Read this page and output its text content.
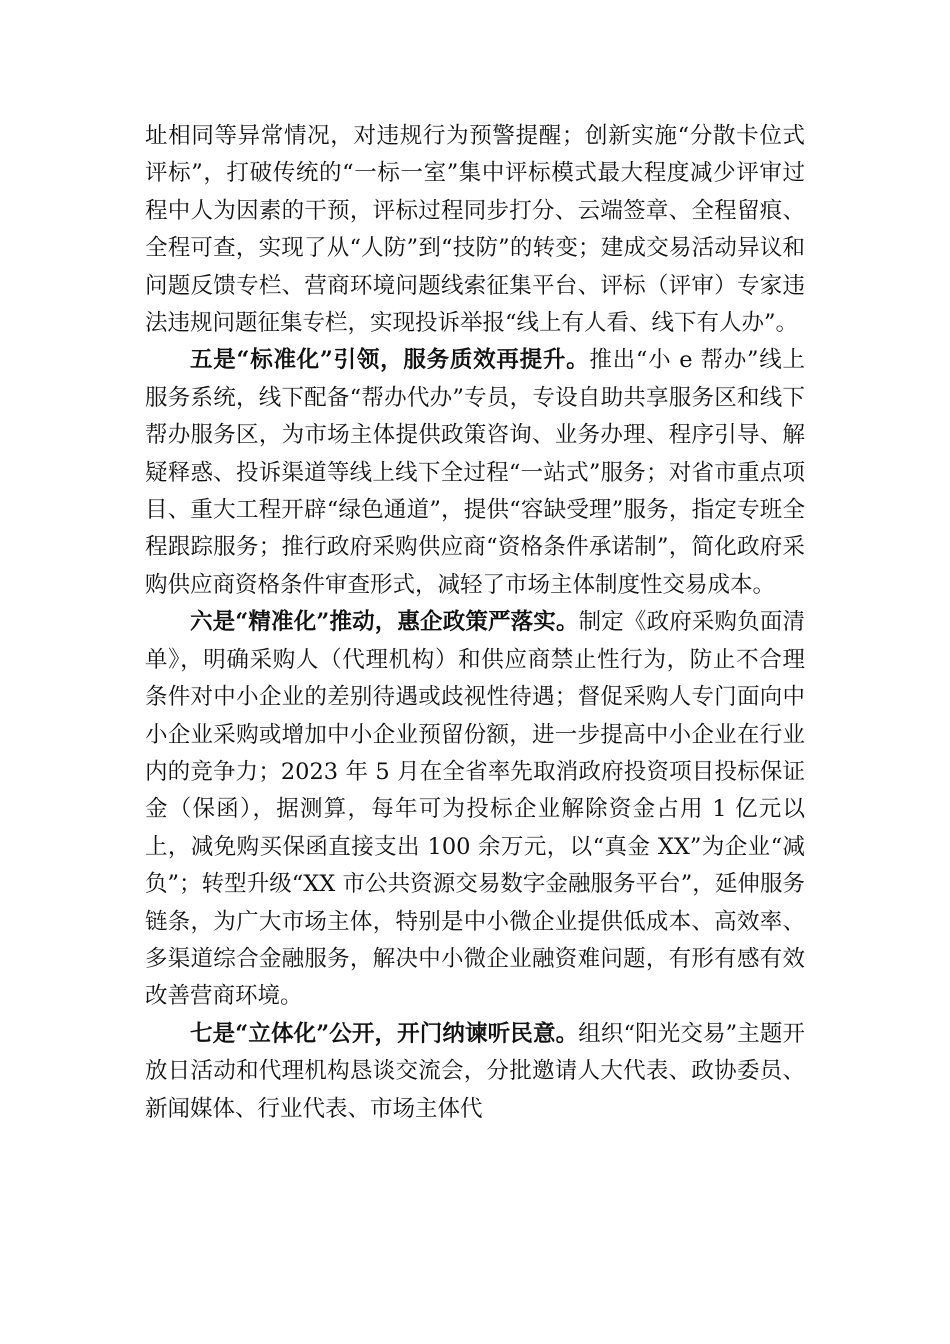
址相同等异常情况，对违规行为预警提醒；创新实施“分散卡位式评标”，打破传统的“一标一室”集中评标模式最大程度减少评审过程中人为因素的干预，评标过程同步打分、云端签章、全程留痕、全程可查，实现了从“人防”到“技防”的转变；建成交易活动异议和问题反馈专栏、营商环境问题线索征集平台、评标（评审）专家违法违规问题征集专栏，实现投诉举报“线上有人看、线下有人办”。

五是“标准化”引领，服务质效再提升。推出“小 e 帮办”线上服务系统，线下配备“帮办代办”专员，专设自助共享服务区和线下帮办服务区，为市场主体提供政策咨询、业务办理、程序引导、解疑释惑、投诉渠道等线上线下全过程“一站式”服务；对省市重点项目、重大工程开辟“绿色通道”，提供“容缺受理”服务，指定专班全程跟踪服务；推行政府采购供应商“资格条件承诺制”，简化政府采购供应商资格条件审查形式，减轻了市场主体制度性交易成本。

六是“精准化”推动，惠企政策严落实。制定《政府采购负面清单》，明确采购人（代理机构）和供应商禁止性行为，防止不合理条件对中小企业的差别待遇或歧视性待遇；督促采购人专门面向中小企业采购或增加中小企业预留份额，进一步提高中小企业在行业内的竞争力；2023 年 5 月在全省率先取消政府投资项目投标保证金（保函），据测算，每年可为投标企业解除资金占用 1 亿元以上，减免购买保函直接支出 100 余万元，以“真金 XX”为企业“减负”；转型升级“XX 市公共资源交易数字金融服务平台”，延伸服务链条，为广大市场主体，特别是中小微企业提供低成本、高效率、多渠道综合金融服务，解决中小微企业融资难问题，有形有感有效改善营商环境。

七是“立体化”公开，开门纳谏听民意。组织“阳光交易”主题开放日活动和代理机构恳谈交流会，分批邀请人大代表、政协委员、新闻媒体、行业代表、市场主体代
